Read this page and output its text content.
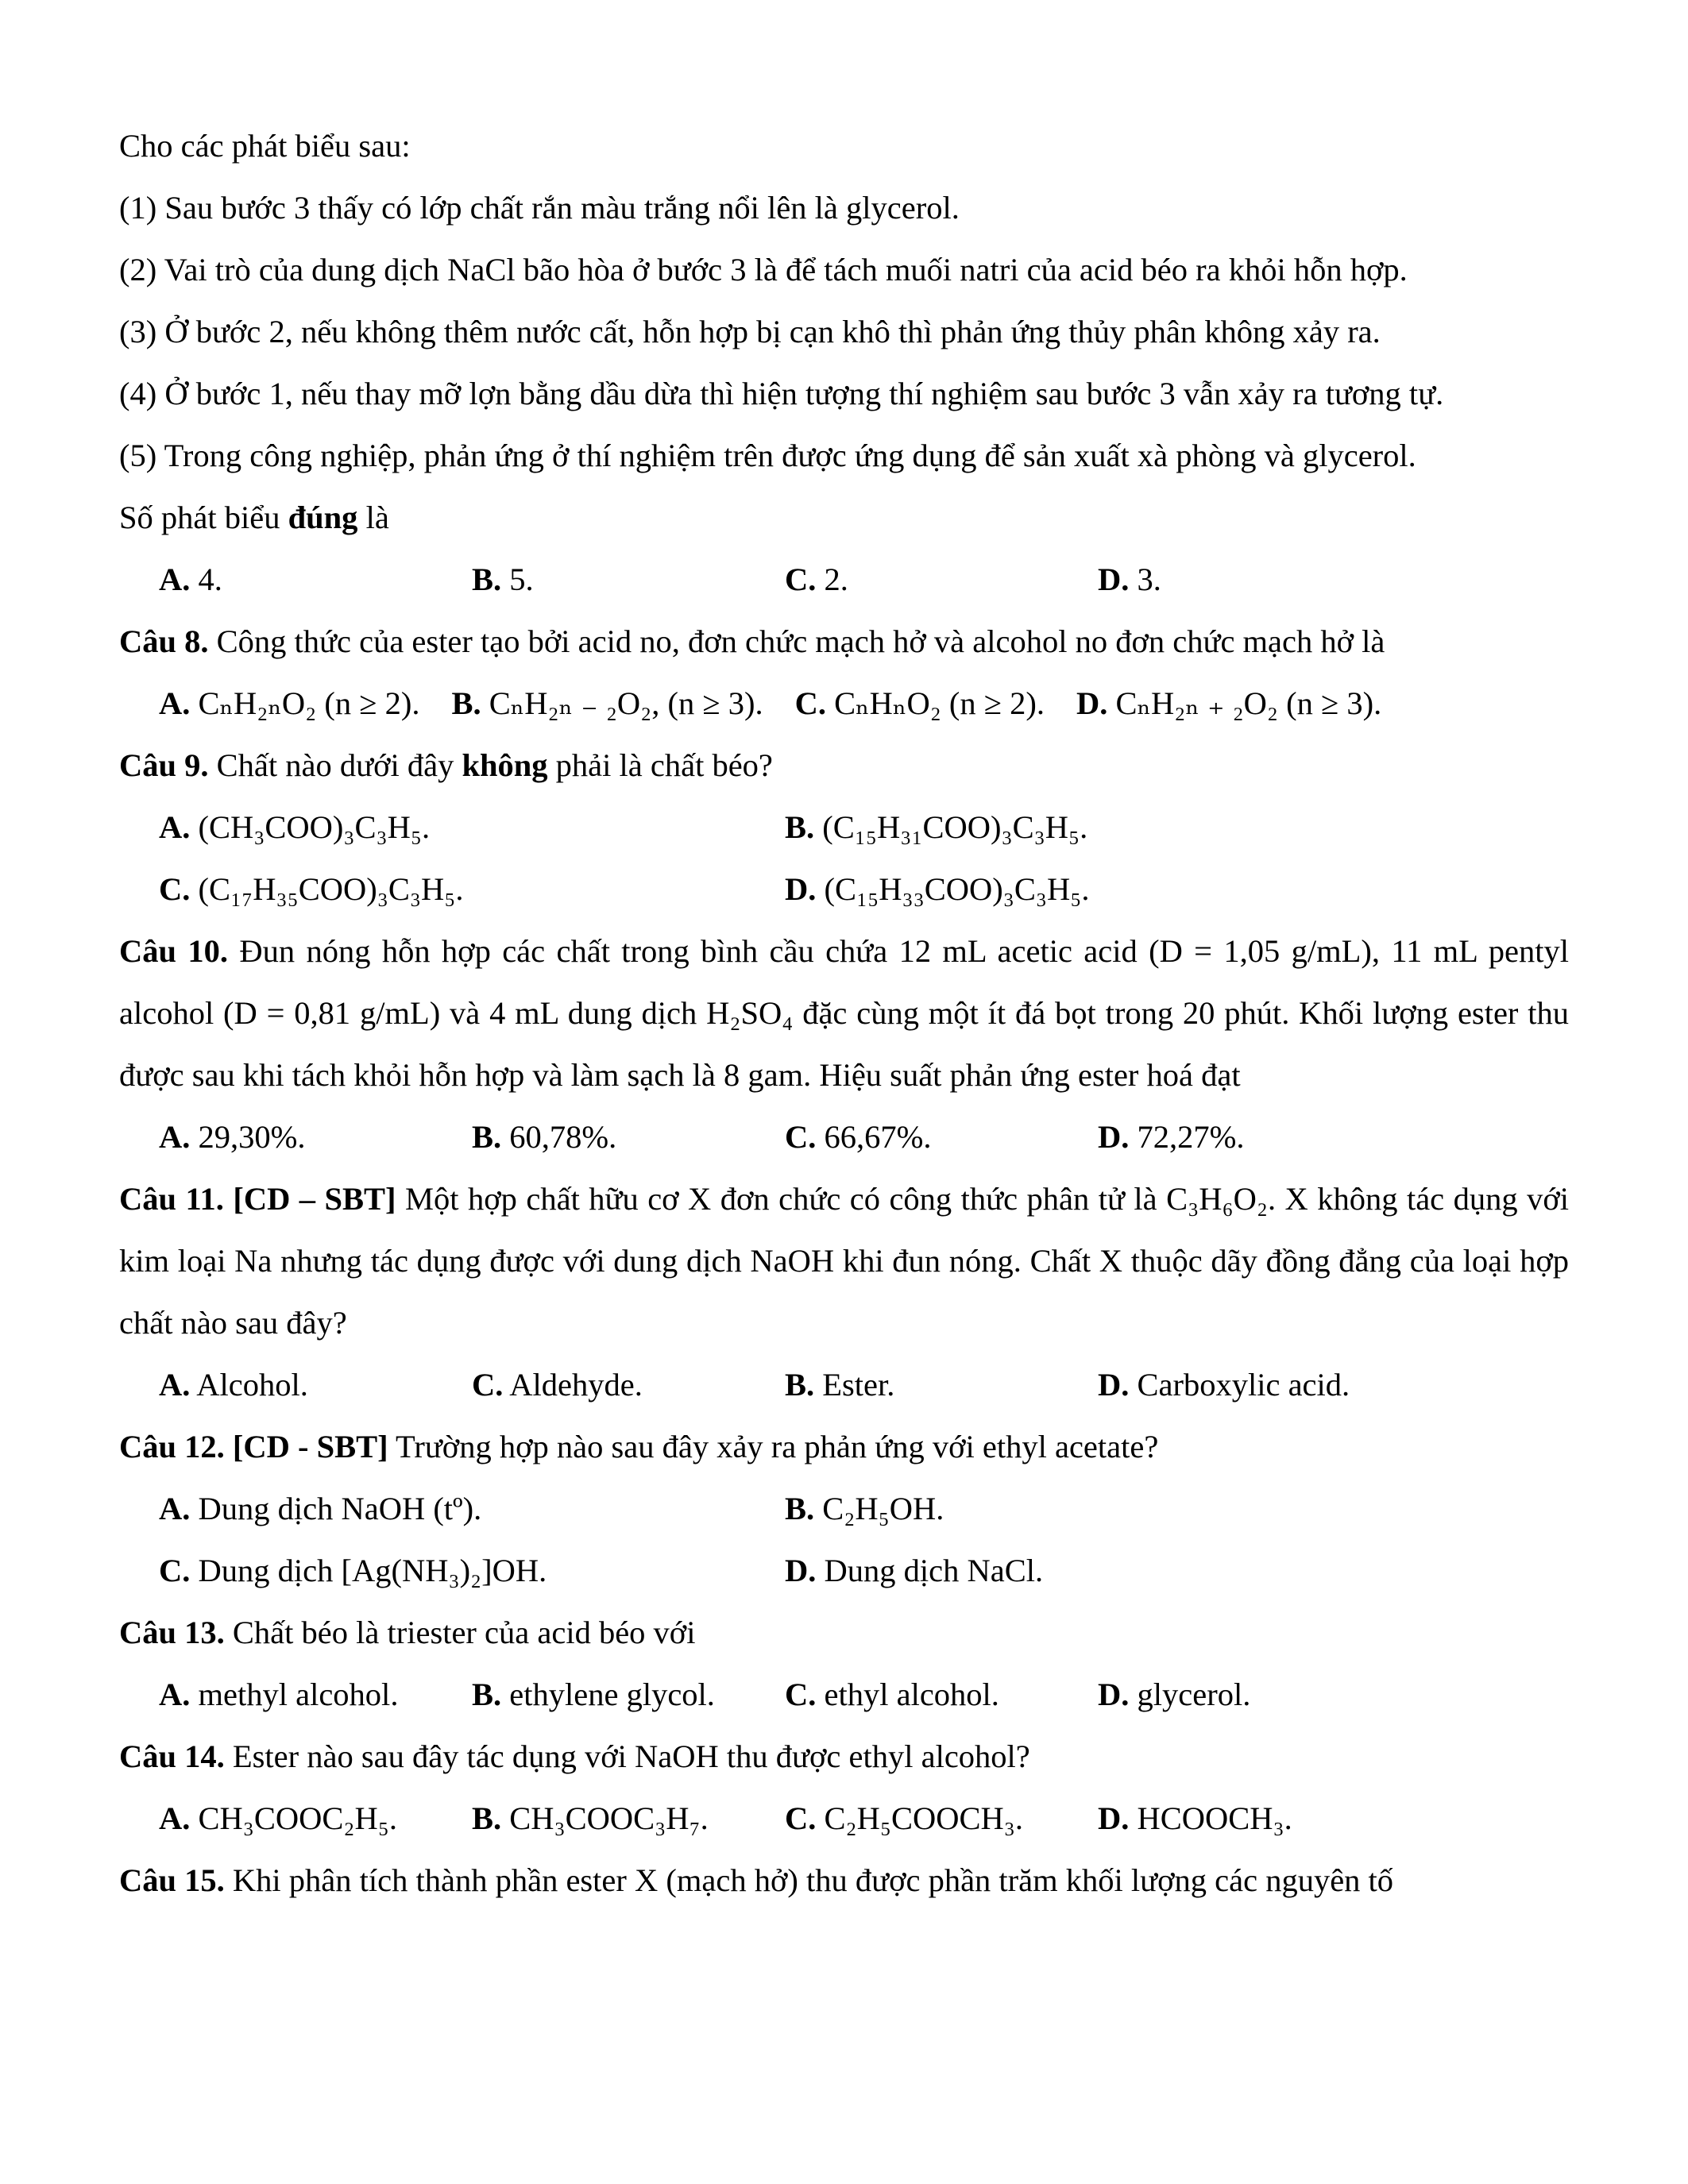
Cho các phát biểu sau:

(1) Sau bước 3 thấy có lớp chất rắn màu trắng nổi lên là glycerol.

(2) Vai trò của dung dịch NaCl bão hòa ở bước 3 là để tách muối natri của acid béo ra khỏi hỗn hợp.

(3) Ở bước 2, nếu không thêm nước cất, hỗn hợp bị cạn khô thì phản ứng thủy phân không xảy ra.

(4) Ở bước 1, nếu thay mỡ lợn bằng dầu dừa thì hiện tượng thí nghiệm sau bước 3 vẫn xảy ra tương tự.

(5) Trong công nghiệp, phản ứng ở thí nghiệm trên được ứng dụng để sản xuất xà phòng và glycerol.

Số phát biểu đúng là

A. 4.	B. 5.	C. 2.	D. 3.

Câu 8. Công thức của ester tạo bởi acid no, đơn chức mạch hở và alcohol no đơn chức mạch hở là

A. CₙH₂ₙO₂ (n ≥ 2). B. CₙH₂ₙ ₋ ₂O₂, (n ≥ 3). C. CₙHₙO₂ (n ≥ 2). D. CₙH₂ₙ ₊ ₂O₂ (n ≥ 3).

Câu 9. Chất nào dưới đây không phải là chất béo?

A. (CH₃COO)₃C₃H₅.	B. (C₁₅H₃₁COO)₃C₃H₅.
C. (C₁₇H₃₅COO)₃C₃H₅.	D. (C₁₅H₃₃COO)₃C₃H₅.

Câu 10. Đun nóng hỗn hợp các chất trong bình cầu chứa 12 mL acetic acid (D = 1,05 g/mL), 11 mL pentyl alcohol (D = 0,81 g/mL) và 4 mL dung dịch H₂SO₄ đặc cùng một ít đá bọt trong 20 phút. Khối lượng ester thu được sau khi tách khỏi hỗn hợp và làm sạch là 8 gam. Hiệu suất phản ứng ester hoá đạt

A. 29,30%.	B. 60,78%.	C. 66,67%.	D. 72,27%.

Câu 11. [CD – SBT] Một hợp chất hữu cơ X đơn chức có công thức phân tử là C₃H₆O₂. X không tác dụng với kim loại Na nhưng tác dụng được với dung dịch NaOH khi đun nóng. Chất X thuộc dãy đồng đẳng của loại hợp chất nào sau đây?

A. Alcohol.	C. Aldehyde.	B. Ester.	D. Carboxylic acid.

Câu 12. [CD - SBT] Trường hợp nào sau đây xảy ra phản ứng với ethyl acetate?

A. Dung dịch NaOH (tº).	B. C₂H₅OH.
C. Dung dịch [Ag(NH₃)₂]OH.	D. Dung dịch NaCl.

Câu 13. Chất béo là triester của acid béo với

A. methyl alcohol.	B. ethylene glycol.	C. ethyl alcohol.	D. glycerol.

Câu 14. Ester nào sau đây tác dụng với NaOH thu được ethyl alcohol?

A. CH₃COOC₂H₅.	B. CH₃COOC₃H₇.	C. C₂H₅COOCH₃.	D. HCOOCH₃.

Câu 15. Khi phân tích thành phần ester X (mạch hở) thu được phần trăm khối lượng các nguyên tố
